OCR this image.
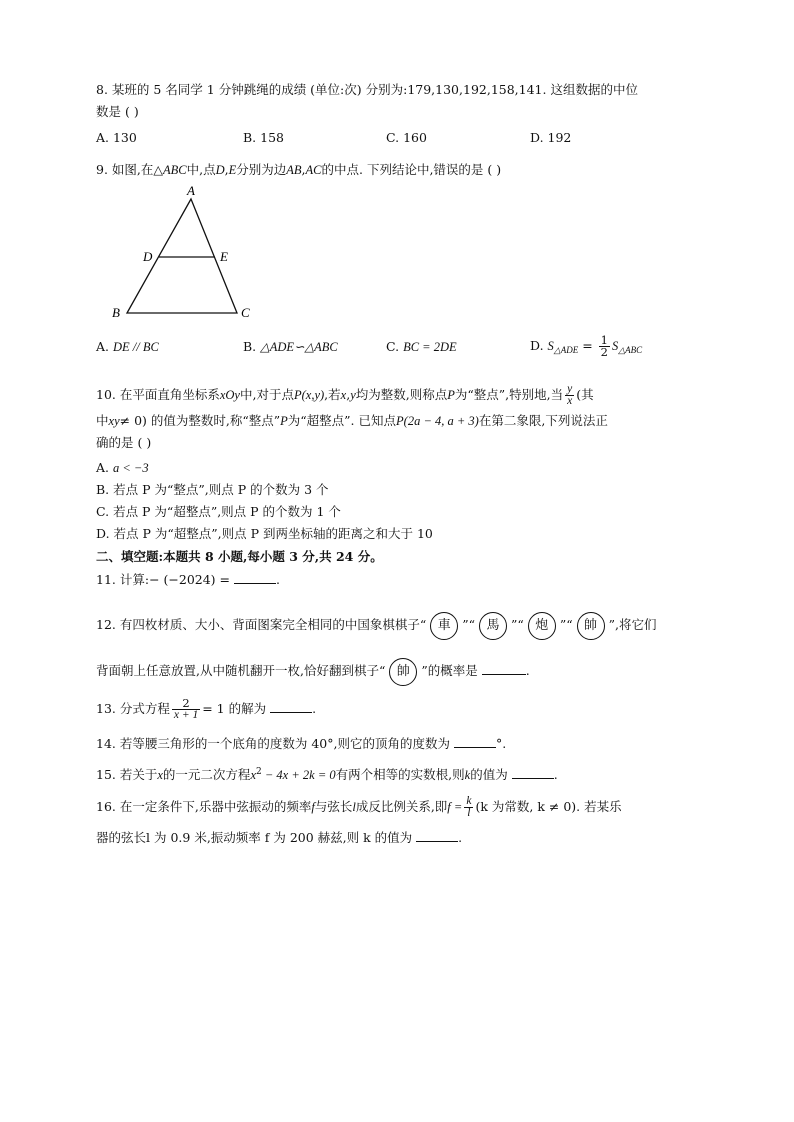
8. 某班的 5 名同学 1 分钟跳绳的成绩 (单位:次) 分别为:179,130,192,158,141. 这组数据的中位
数是 ( )
A. 130	B. 158	C. 160	D. 192
9. 如图,在△ABC中,点D,E分别为边AB,AC的中点. 下列结论中,错误的是 ( )
A
D	E
B	C
A. DE // BC	B. △ADE∽△ABC	C. BC = 2DE	D. $S_{\triangle ADE} = \frac{1}{2} S_{\triangle ABC}$
10. 在平面直角坐标系xOy中,对于点P(x,y),若x,y均为整数,则称点P为“整点”,特别地,当 $\frac{y}{x}$ (其
中xy≠ 0) 的值为整数时,称“整点”P为“超整点”. 已知点P(2a − 4, a + 3)在第二象限,下列说法正
确的是 ( )
A. a < −3
B. 若点 P 为“整点”,则点 P 的个数为 3 个
C. 若点 P 为“超整点”,则点 P 的个数为 1 个
D. 若点 P 为“超整点”,则点 P 到两坐标轴的距离之和大于 10
二、填空题:本题共 8 小题,每小题 3 分,共 24 分。
11. 计算:− (−2024) =	.
12. 有四枚材质、大小、背面图案完全相同的中国象棋棋子“ 車 ”“ 馬 ”“ 炮 ”“ 帥 ”,将它们
背面朝上任意放置,从中随机翻开一枚,恰好翻到棋子“ 帥 ”的概率是	.
13. 分式方程 $\frac{2}{x + 1} = 1$ 的解为	.
14. 若等腰三角形的一个底角的度数为 40°,则它的顶角的度数为	°.
15. 若关于x的一元二次方程$x^2 - 4x + 2k = 0$有两个相等的实数根,则k的值为	.
16. 在一定条件下,乐器中弦振动的频率f与弦长l成反比例关系,即$f = \frac{k}{l} (k$ 为常数, k ≠ 0). 若某乐
器的弦长l 为 0.9 米,振动频率 f 为 200 赫兹,则 k 的值为	.
